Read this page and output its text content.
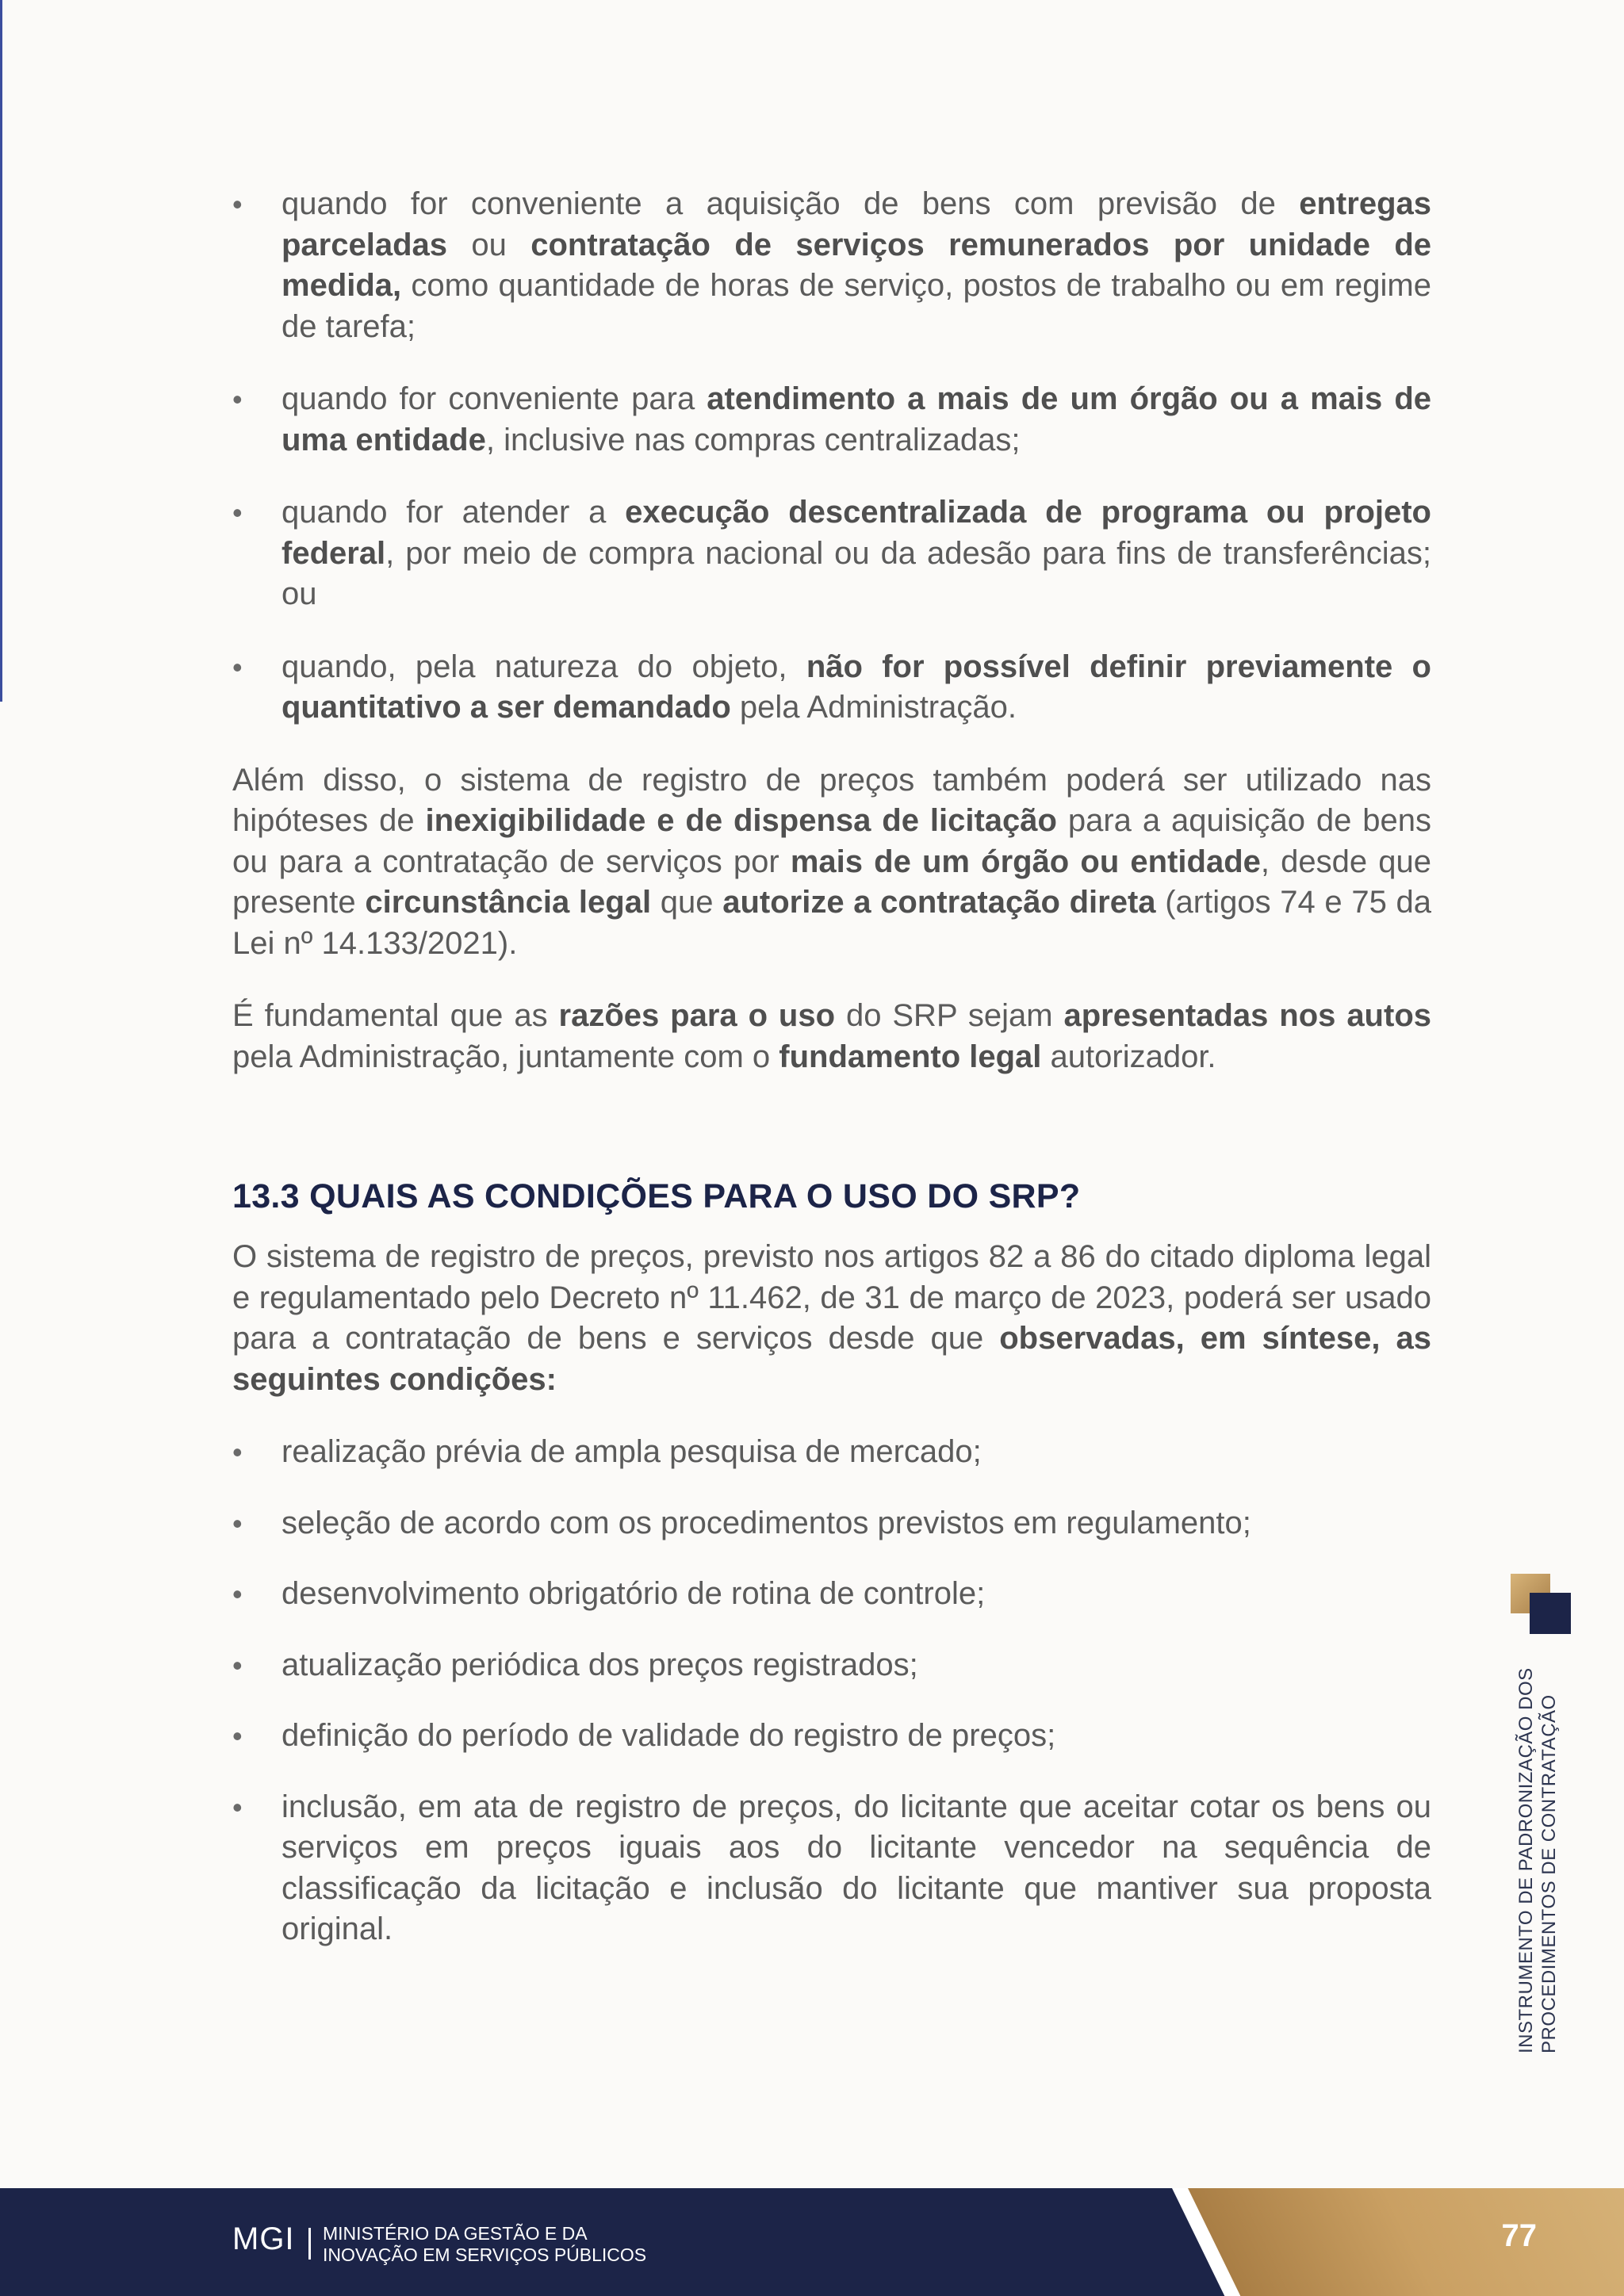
• quando for conveniente a aquisição de bens com previsão de entregas parceladas ou contratação de serviços remunerados por unidade de medida, como quantidade de horas de serviço, postos de trabalho ou em regime de tarefa;
• quando for conveniente para atendimento a mais de um órgão ou a mais de uma entidade, inclusive nas compras centralizadas;
• quando for atender a execução descentralizada de programa ou projeto federal, por meio de compra nacional ou da adesão para fins de transferências; ou
• quando, pela natureza do objeto, não for possível definir previamente o quantitativo a ser demandado pela Administração.

Além disso, o sistema de registro de preços também poderá ser utilizado nas hipóteses de inexigibilidade e de dispensa de licitação para a aquisição de bens ou para a contratação de serviços por mais de um órgão ou entidade, desde que presente circunstância legal que autorize a contratação direta (artigos 74 e 75 da Lei nº 14.133/2021).

É fundamental que as razões para o uso do SRP sejam apresentadas nos autos pela Administração, juntamente com o fundamento legal autorizador.

13.3 QUAIS AS CONDIÇÕES PARA O USO DO SRP?

O sistema de registro de preços, previsto nos artigos 82 a 86 do citado diploma legal e regulamentado pelo Decreto nº 11.462, de 31 de março de 2023, poderá ser usado para a contratação de bens e serviços desde que observadas, em síntese, as seguintes condições:

• realização prévia de ampla pesquisa de mercado;
• seleção de acordo com os procedimentos previstos em regulamento;
• desenvolvimento obrigatório de rotina de controle;
• atualização periódica dos preços registrados;
• definição do período de validade do registro de preços;
• inclusão, em ata de registro de preços, do licitante que aceitar cotar os bens ou serviços em preços iguais aos do licitante vencedor na sequência de classificação da licitação e inclusão do licitante que mantiver sua proposta original.	INSTRUMENTO DE PADRONIZAÇÃO DOS PROCEDIMENTOS DE CONTRATAÇÃO
MGI MINISTÉRIO DA GESTÃO E DA
INOVAÇÃO EM SERVIÇOS PÚBLICOS
77
